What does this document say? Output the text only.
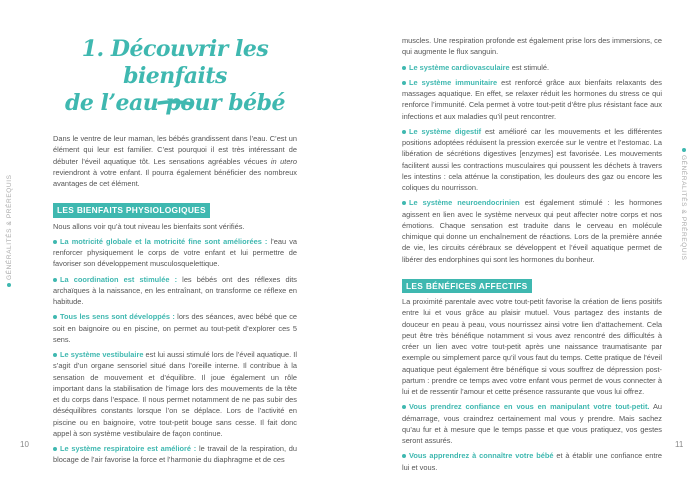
1. Découvrir les bienfaits
de l’eau pour bébé

Dans le ventre de leur maman, les bébés grandissent dans l’eau. C’est un élément qui leur est familier. C’est pourquoi il est très intéressant de débuter l’éveil aquatique tôt. Les sensations agréables vécues in utero reviendront à votre enfant. Il pourra également bénéficier des nombreux avantages de cet élément.

LES BIENFAITS PHYSIOLOGIQUES

Nous allons voir qu’à tout niveau les bienfaits sont vérifiés.

La motricité globale et la motricité fine sont améliorées : l’eau va renforcer physiquement le corps de votre enfant et lui permettre de favoriser son développement musculosquelettique.

La coordination est stimulée : les bébés ont des réflexes dits archaïques à la naissance, en les entraînant, on transforme ce réflexe en habitude.

Tous les sens sont développés : lors des séances, avec bébé que ce soit en baignoire ou en piscine, on permet au tout-petit d’explorer ces 5 sens.

Le système vestibulaire est lui aussi stimulé lors de l’éveil aquatique. Il s’agit d’un organe sensoriel situé dans l’oreille interne. Il contribue à la sensation de mouvement et d’équilibre. Il joue également un rôle important dans la stabilisation de l’image lors des mouvements de la tête et du corps dans l’espace. Il nous permet notamment de ne pas subir des déséquilibres constants lorsque l’on se déplace. Lors de l’activité en piscine ou en baignoire, votre tout-petit bouge sans cesse. Il fait donc appel à son système vestibulaire de façon continue.

Le système respiratoire est amélioré : le travail de la respiration, du blocage de l’air favorise la force et l’harmonie du diaphragme et de ces

GÉNÉRALITÉS & PRÉREQUIS
10

muscles. Une respiration profonde est également prise lors des immersions, ce qui augmente le flux sanguin.

Le système cardiovasculaire est stimulé.

Le système immunitaire est renforcé grâce aux bienfaits relaxants des massages aquatique. En effet, se relaxer réduit les hormones du stress ce qui renforce l’immunité. Cela permet à votre tout-petit d’être plus résistant face aux infections et aux maladies qu’il peut rencontrer.

Le système digestif est amélioré car les mouvements et les différentes positions adoptées réduisent la pression exercée sur le ventre et l’estomac. La libération de sécrétions digestives [enzymes] est favorisée. Les mouvements facilitent aussi les contractions musculaires qui poussent les déchets à travers les intestins : cela atténue la constipation, les douleurs des gaz ou encore les coliques du nourrisson.

Le système neuroendocrinien est également stimulé : les hormones agissent en lien avec le système nerveux qui peut affecter notre corps et nos émotions. Chaque sensation est traduite dans le cerveau en molécule chimique qui donne un enchaînement de réactions. Lors de la première année de vie, les circuits cérébraux se développent et l’éveil aquatique permet de libérer des endorphines qui sont les hormones du bonheur.

LES BÉNÉFICES AFFECTIFS

La proximité parentale avec votre tout-petit favorise la création de liens positifs entre lui et vous grâce au plaisir mutuel. Vous partagez des instants de douceur en peau à peau, vous nourrissez ainsi votre lien d’attachement. Cela peut être très bénéfique notamment si vous avez rencontré des difficultés à créer un lien avec votre tout-petit après une naissance traumatisante par exemple ou simplement parce qu’il vous faut du temps. Cette pratique de l’éveil aquatique peut également être bénéfique si vous souffrez de dépression post-partum : prendre ce temps avec votre enfant vous permet de vous connecter à lui et de ressentir l’amour et cette présence rassurante que vous lui offrez.

Vous prendrez confiance en vous en manipulant votre tout-petit. Au démarrage, vous craindrez certainement mal vous y prendre. Mais sachez qu’au fur et à mesure que le temps passe et que vous pratiquez, vos gestes seront assurés.

Vous apprendrez à connaître votre bébé et à établir une confiance entre lui et vous.

GÉNÉRALITÉS & PRÉREQUIS
11
